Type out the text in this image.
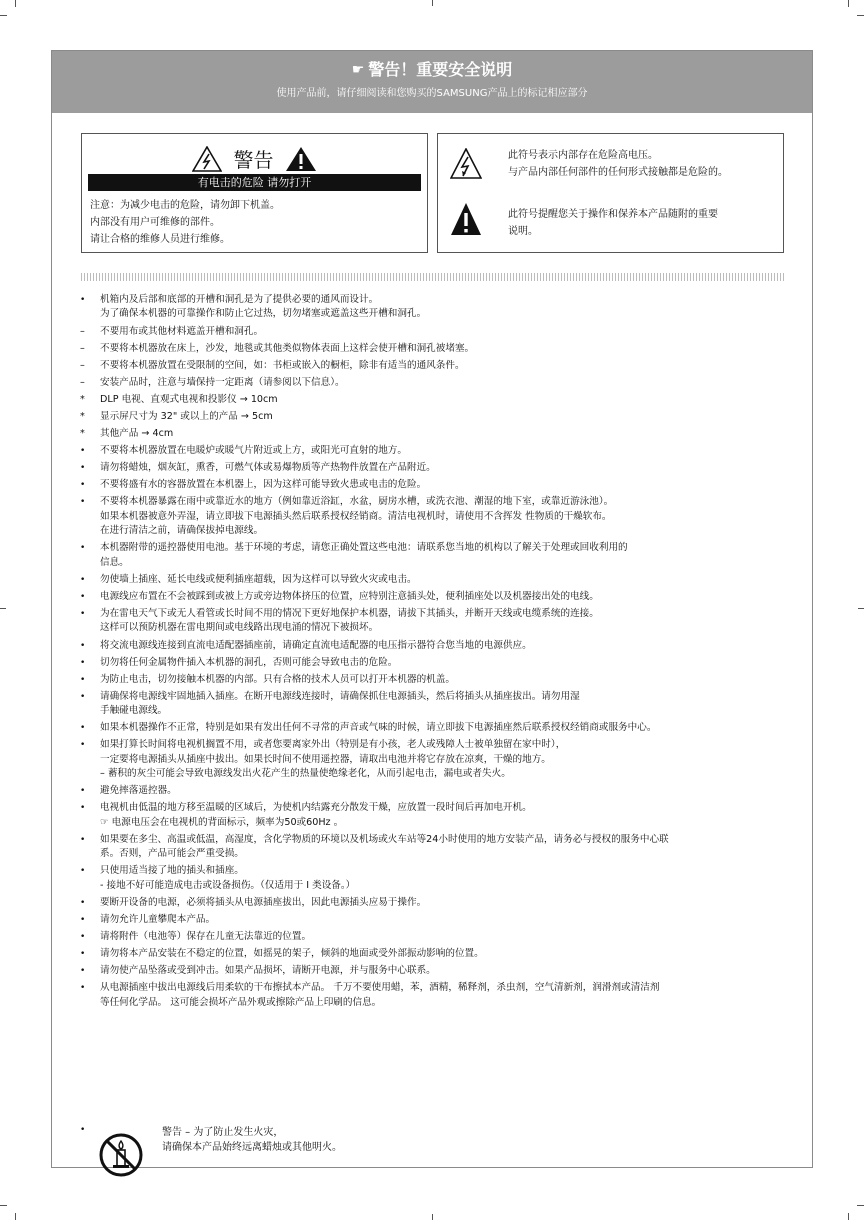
☛ 警告！重要安全说明
使用产品前，请仔细阅读和您购买的SAMSUNG产品上的标记相应部分
警告
有电击的危险 请勿打开
注意：为减少电击的危险，请勿卸下机盖。
内部没有用户可维修的部件。
请让合格的维修人员进行维修。
此符号表示内部存在危险高电压。
与产品内部任何部件的任何形式接触都是危险的。
此符号提醒您关于操作和保养本产品随附的重要
说明。
•	机箱内及后部和底部的开槽和洞孔是为了提供必要的通风而设计。
为了确保本机器的可靠操作和防止它过热，切勿堵塞或遮盖这些开槽和洞孔。
–	不要用布或其他材料遮盖开槽和洞孔。
–	不要将本机器放在床上，沙发，地毯或其他类似物体表面上这样会使开槽和洞孔被堵塞。
–	不要将本机器放置在受限制的空间，如：书柜或嵌入的橱柜，除非有适当的通风条件。
–	安装产品时，注意与墙保持一定距离（请参阅以下信息）。
*	DLP 电视、直观式电视和投影仪 → 10cm
*	显示屏尺寸为 32" 或以上的产品 → 5cm
*	其他产品 → 4cm
•	不要将本机器放置在电暖炉或暖气片附近或上方，或阳光可直射的地方。
•	请勿将蜡烛，烟灰缸，熏香，可燃气体或易爆物质等产热物件放置在产品附近。
•	不要将盛有水的容器放置在本机器上，因为这样可能导致火患或电击的危险。
•	不要将本机器暴露在雨中或靠近水的地方（例如靠近浴缸，水盆，厨房水槽，或洗衣池、潮湿的地下室，或靠近游泳池）。
如果本机器被意外弄湿，请立即拔下电源插头然后联系授权经销商。清洁电视机时，请使用不含挥发 性物质的干燥软布。
在进行清洁之前，请确保拔掉电源线。
•	本机器附带的遥控器使用电池。基于环境的考虑，请您正确处置这些电池：请联系您当地的机构以了解关于处理或回收利用的
信息。
•	勿使墙上插座、延长电线或便利插座超载，因为这样可以导致火灾或电击。
•	电源线应布置在不会被踩到或被上方或旁边物体挤压的位置，应特别注意插头处，便利插座处以及机器接出处的电线。
•	为在雷电天气下或无人看管或长时间不用的情况下更好地保护本机器，请拔下其插头，并断开天线或电缆系统的连接。
这样可以预防机器在雷电期间或电线路出现电涌的情况下被损坏。
•	将交流电源线连接到直流电适配器插座前，请确定直流电适配器的电压指示器符合您当地的电源供应。
•	切勿将任何金属物件插入本机器的洞孔，否则可能会导致电击的危险。
•	为防止电击，切勿接触本机器的内部。只有合格的技术人员可以打开本机器的机盖。
•	请确保将电源线牢固地插入插座。在断开电源线连接时，请确保抓住电源插头，然后将插头从插座拔出。请勿用湿
手触碰电源线。
•	如果本机器操作不正常，特别是如果有发出任何不寻常的声音或气味的时候，请立即拔下电源插座然后联系授权经销商或服务中心。
•	如果打算长时间将电视机搁置不用，或者您要离家外出（特别是有小孩，老人或残障人士被单独留在家中时），
一定要将电源插头从插座中拔出。如果长时间不使用遥控器，请取出电池并将它存放在凉爽，干燥的地方。
– 蓄积的灰尘可能会导致电源线发出火花产生的热量使绝缘老化，从而引起电击，漏电或者失火。
•	避免摔落遥控器。
•	电视机由低温的地方移至温暖的区域后，为使机内结露充分散发干燥，应放置一段时间后再加电开机。
☞ 电源电压会在电视机的背面标示，频率为50或60Hz 。
•	如果要在多尘、高温或低温，高湿度，含化学物质的环境以及机场或火车站等24小时使用的地方安装产品，请务必与授权的服务中心联
系。否则，产品可能会严重受损。
•	只使用适当接了地的插头和插座。
- 接地不好可能造成电击或设备损伤。（仅适用于 Ⅰ 类设备。）
•	要断开设备的电源，必须将插头从电源插座拔出，因此电源插头应易于操作。
•	请勿允许儿童攀爬本产品。
•	请将附件（电池等）保存在儿童无法靠近的位置。
•	请勿将本产品安装在不稳定的位置，如摇晃的架子，倾斜的地面或受外部振动影响的位置。
•	请勿使产品坠落或受到冲击。如果产品损坏，请断开电源，并与服务中心联系。
•	从电源插座中拔出电源线后用柔软的干布擦拭本产品。 千万不要使用蜡，苯，酒精，稀释剂，杀虫剂，空气清新剂，润滑剂或清洁剂
等任何化学品。 这可能会损坏产品外观或擦除产品上印刷的信息。
•	警告 – 为了防止发生火灾，
请确保本产品始终远离蜡烛或其他明火。
